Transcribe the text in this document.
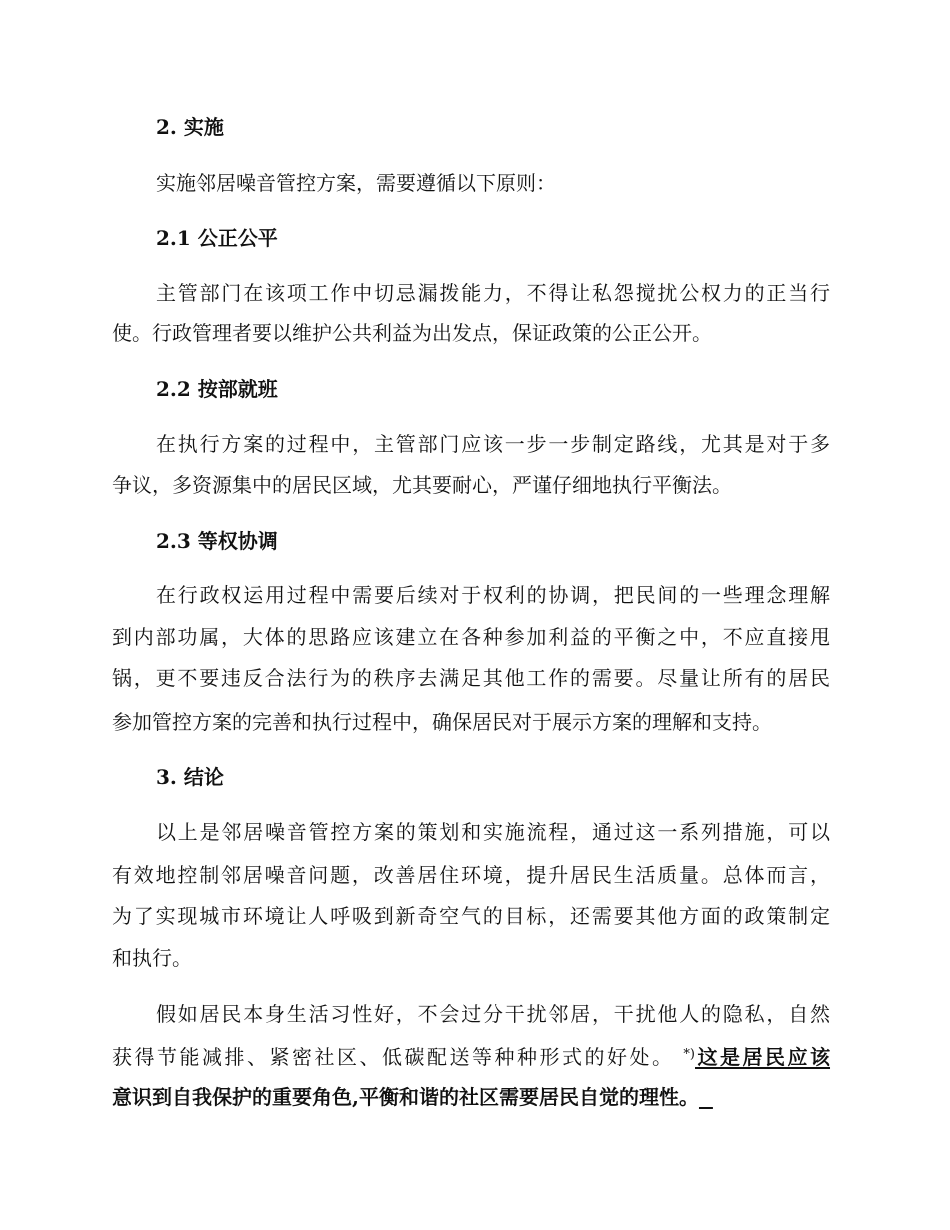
2. 实施
实施邻居噪音管控方案，需要遵循以下原则：
2.1 公正公平
主管部门在该项工作中切忌漏拨能力，不得让私怨搅扰公权力的正当行
使。行政管理者要以维护公共利益为出发点，保证政策的公正公开。
2.2 按部就班
在执行方案的过程中，主管部门应该一步一步制定路线，尤其是对于多
争议，多资源集中的居民区域，尤其要耐心，严谨仔细地执行平衡法。
2.3 等权协调
在行政权运用过程中需要后续对于权利的协调，把民间的一些理念理解
到内部功属，大体的思路应该建立在各种参加利益的平衡之中，不应直接甩
锅，更不要违反合法行为的秩序去满足其他工作的需要。尽量让所有的居民
参加管控方案的完善和执行过程中，确保居民对于展示方案的理解和支持。
3. 结论
以上是邻居噪音管控方案的策划和实施流程，通过这一系列措施，可以
有效地控制邻居噪音问题，改善居住环境，提升居民生活质量。总体而言，
为了实现城市环境让人呼吸到新奇空气的目标，还需要其他方面的政策制定
和执行。
假如居民本身生活习性好，不会过分干扰邻居，干扰他人的隐私，自然
获得节能减排、紧密社区、低碳配送等种种形式的好处。 *)这是居民应该
意识到自我保护的重要角色,平衡和谐的社区需要居民自觉的理性。
